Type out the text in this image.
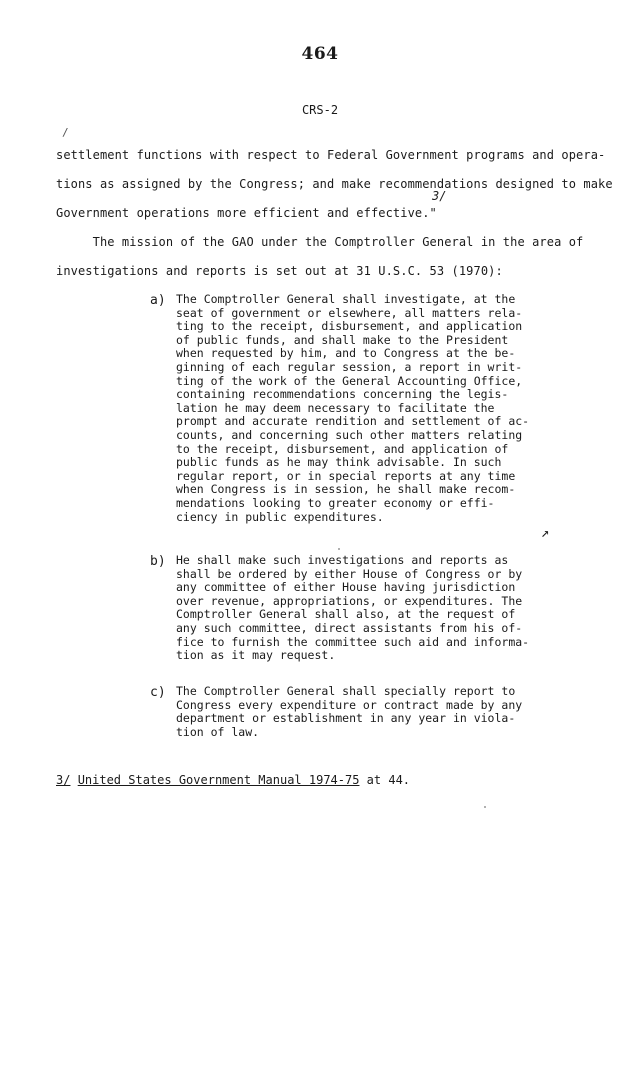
464
CRS-2
/
settlement functions with respect to Federal Government programs and opera-
tions as assigned by the Congress; and make recommendations designed to make
Government operations more efficient and effective."
3/
The mission of the GAO under the Comptroller General in the area of
investigations and reports is set out at 31 U.S.C. 53 (1970):
a) The Comptroller General shall investigate, at the
seat of government or elsewhere, all matters rela-
ting to the receipt, disbursement, and application
of public funds, and shall make to the President
when requested by him, and to Congress at the be-
ginning of each regular session, a report in writ-
ting of the work of the General Accounting Office,
containing recommendations concerning the legis-
lation he may deem necessary to facilitate the
prompt and accurate rendition and settlement of ac-
counts, and concerning such other matters relating
to the receipt, disbursement, and application of
public funds as he may think advisable. In such
regular report, or in special reports at any time
when Congress is in session, he shall make recom-
mendations looking to greater economy or effi-
ciency in public expenditures.
↗
b) He shall make such investigations and reports as
shall be ordered by either House of Congress or by
any committee of either House having jurisdiction
over revenue, appropriations, or expenditures. The
Comptroller General shall also, at the request of
any such committee, direct assistants from his of-
fice to furnish the committee such aid and informa-
tion as it may request.
c) The Comptroller General shall specially report to
Congress every expenditure or contract made by any
department or establishment in any year in viola-
tion of law.
3/ United States Government Manual 1974-75 at 44.
